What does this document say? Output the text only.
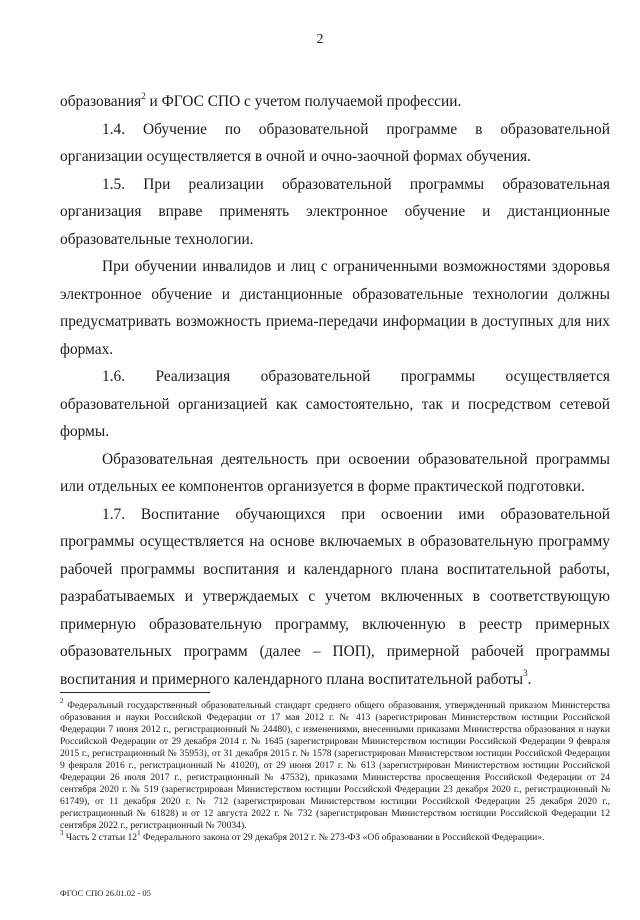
2

образования$^2$ и ФГОС СПО с учетом получаемой профессии.

1.4. Обучение по образовательной программе в образовательной организации осуществляется в очной и очно-заочной формах обучения.

1.5. При реализации образовательной программы образовательная организация вправе применять электронное обучение и дистанционные образовательные технологии.

При обучении инвалидов и лиц с ограниченными возможностями здоровья электронное обучение и дистанционные образовательные технологии должны предусматривать возможность приема-передачи информации в доступных для них формах.

1.6. Реализация образовательной программы осуществляется образовательной организацией как самостоятельно, так и посредством сетевой формы.

Образовательная деятельность при освоении образовательной программы или отдельных ее компонентов организуется в форме практической подготовки.

1.7. Воспитание обучающихся при освоении ими образовательной программы осуществляется на основе включаемых в образовательную программу рабочей программы воспитания и календарного плана воспитательной работы, разрабатываемых и утверждаемых с учетом включенных в соответствующую примерную образовательную программу, включенную в реестр примерных образовательных программ (далее – ПОП), примерной рабочей программы воспитания и примерного календарного плана воспитательной работы$^3$.

$^2$ Федеральный государственный образовательный стандарт среднего общего образования, утвержденный приказом Министерства образования и науки Российской Федерации от 17 мая 2012 г. № 413 (зарегистрирован Министерством юстиции Российской Федерации 7 июня 2012 г., регистрационный № 24480), с изменениями, внесенными приказами Министерства образования и науки Российской Федерации от 29 декабря 2014 г. № 1645 (зарегистрирован Министерством юстиции Российской Федерации 9 февраля 2015 г., регистрационный № 35953), от 31 декабря 2015 г. № 1578 (зарегистрирован Министерством юстиции Российской Федерации 9 февраля 2016 г., регистрационный № 41020), от 29 июня 2017 г. № 613 (зарегистрирован Министерством юстиции Российской Федерации 26 июля 2017 г., регистрационный № 47532), приказами Министерства просвещения Российской Федерации от 24 сентября 2020 г. № 519 (зарегистрирован Министерством юстиции Российской Федерации 23 декабря 2020 г., регистрационный № 61749), от 11 декабря 2020 г. № 712 (зарегистрирован Министерством юстиции Российской Федерации 25 декабря 2020 г., регистрационный № 61828) и от 12 августа 2022 г. № 732 (зарегистрирован Министерством юстиции Российской Федерации 12 сентября 2022 г., регистрационный № 70034).

$^3$ Часть 2 статьи $12^1$ Федерального закона от 29 декабря 2012 г. № 273-ФЗ «Об образовании в Российской Федерации».

ФГОС СПО 26.01.02 - 05
